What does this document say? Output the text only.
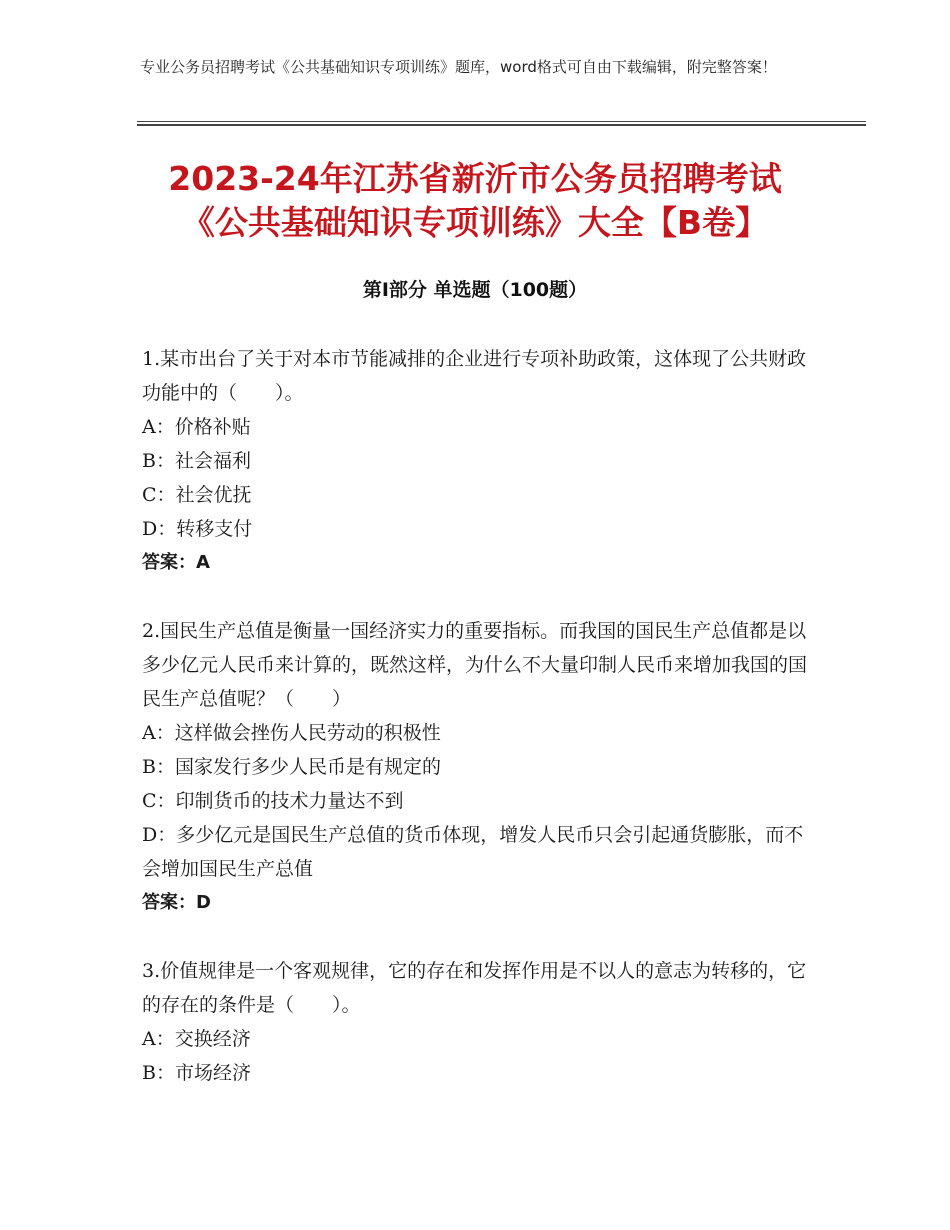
专业公务员招聘考试《公共基础知识专项训练》题库，word格式可自由下载编辑，附完整答案！
2023-24年江苏省新沂市公务员招聘考试
《公共基础知识专项训练》大全【B卷】
第Ⅰ部分 单选题（100题）

1.某市出台了关于对本市节能减排的企业进行专项补助政策，这体现了公共财政功能中的（　　）。

A：价格补贴

B：社会福利

C：社会优抚

D：转移支付

答案：A

2.国民生产总值是衡量一国经济实力的重要指标。而我国的国民生产总值都是以多少亿元人民币来计算的，既然这样，为什么不大量印制人民币来增加我国的国民生产总值呢？（　　）

A：这样做会挫伤人民劳动的积极性

B：国家发行多少人民币是有规定的

C：印制货币的技术力量达不到

D：多少亿元是国民生产总值的货币体现，增发人民币只会引起通货膨胀，而不会增加国民生产总值

答案：D

3.价值规律是一个客观规律，它的存在和发挥作用是不以人的意志为转移的，它的存在的条件是（　　）。

A：交换经济

B：市场经济
